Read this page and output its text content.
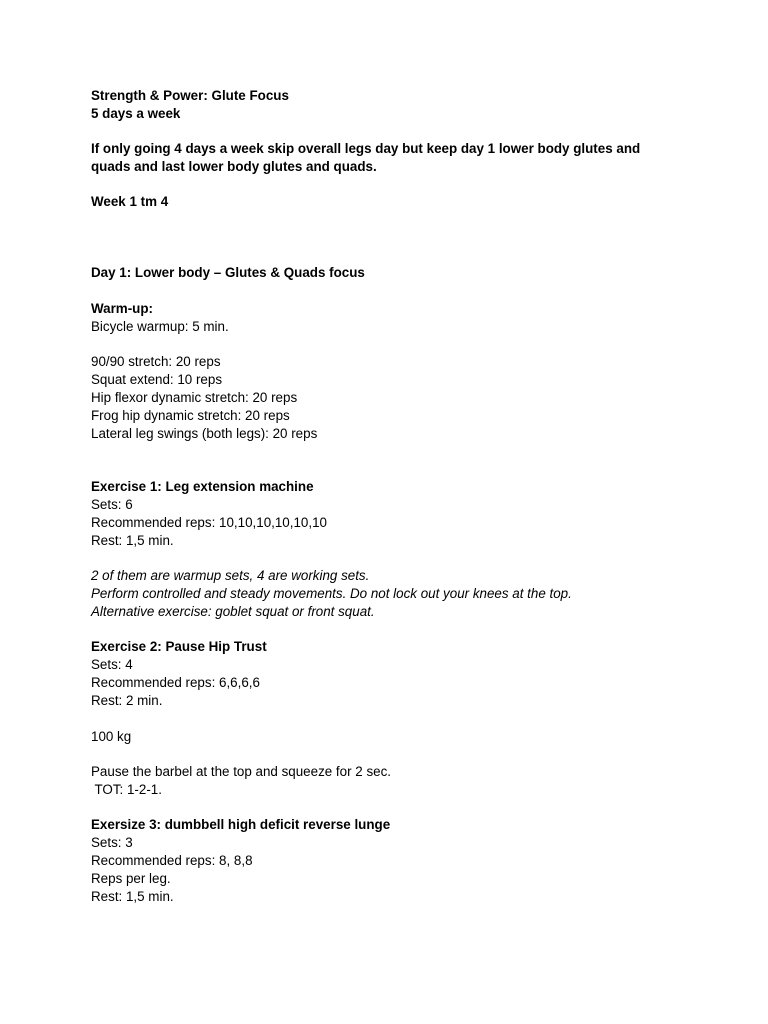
Strength & Power: Glute Focus
5 days a week
If only going 4 days a week skip overall legs day but keep day 1 lower body glutes and
quads and last lower body glutes and quads.
Week 1 tm 4
Day 1: Lower body – Glutes & Quads focus
Warm-up:
Bicycle warmup: 5 min.
90/90 stretch: 20 reps
Squat extend: 10 reps
Hip flexor dynamic stretch: 20 reps
Frog hip dynamic stretch: 20 reps
Lateral leg swings (both legs): 20 reps
Exercise 1: Leg extension machine
Sets: 6
Recommended reps: 10,10,10,10,10,10
Rest: 1,5 min.
2 of them are warmup sets, 4 are working sets.
Perform controlled and steady movements. Do not lock out your knees at the top.
Alternative exercise: goblet squat or front squat.
Exercise 2: Pause Hip Trust
Sets: 4
Recommended reps: 6,6,6,6
Rest: 2 min.
100 kg
Pause the barbel at the top and squeeze for 2 sec.
TOT: 1-2-1.
Exersize 3: dumbbell high deficit reverse lunge
Sets: 3
Recommended reps: 8, 8,8
Reps per leg.
Rest: 1,5 min.
